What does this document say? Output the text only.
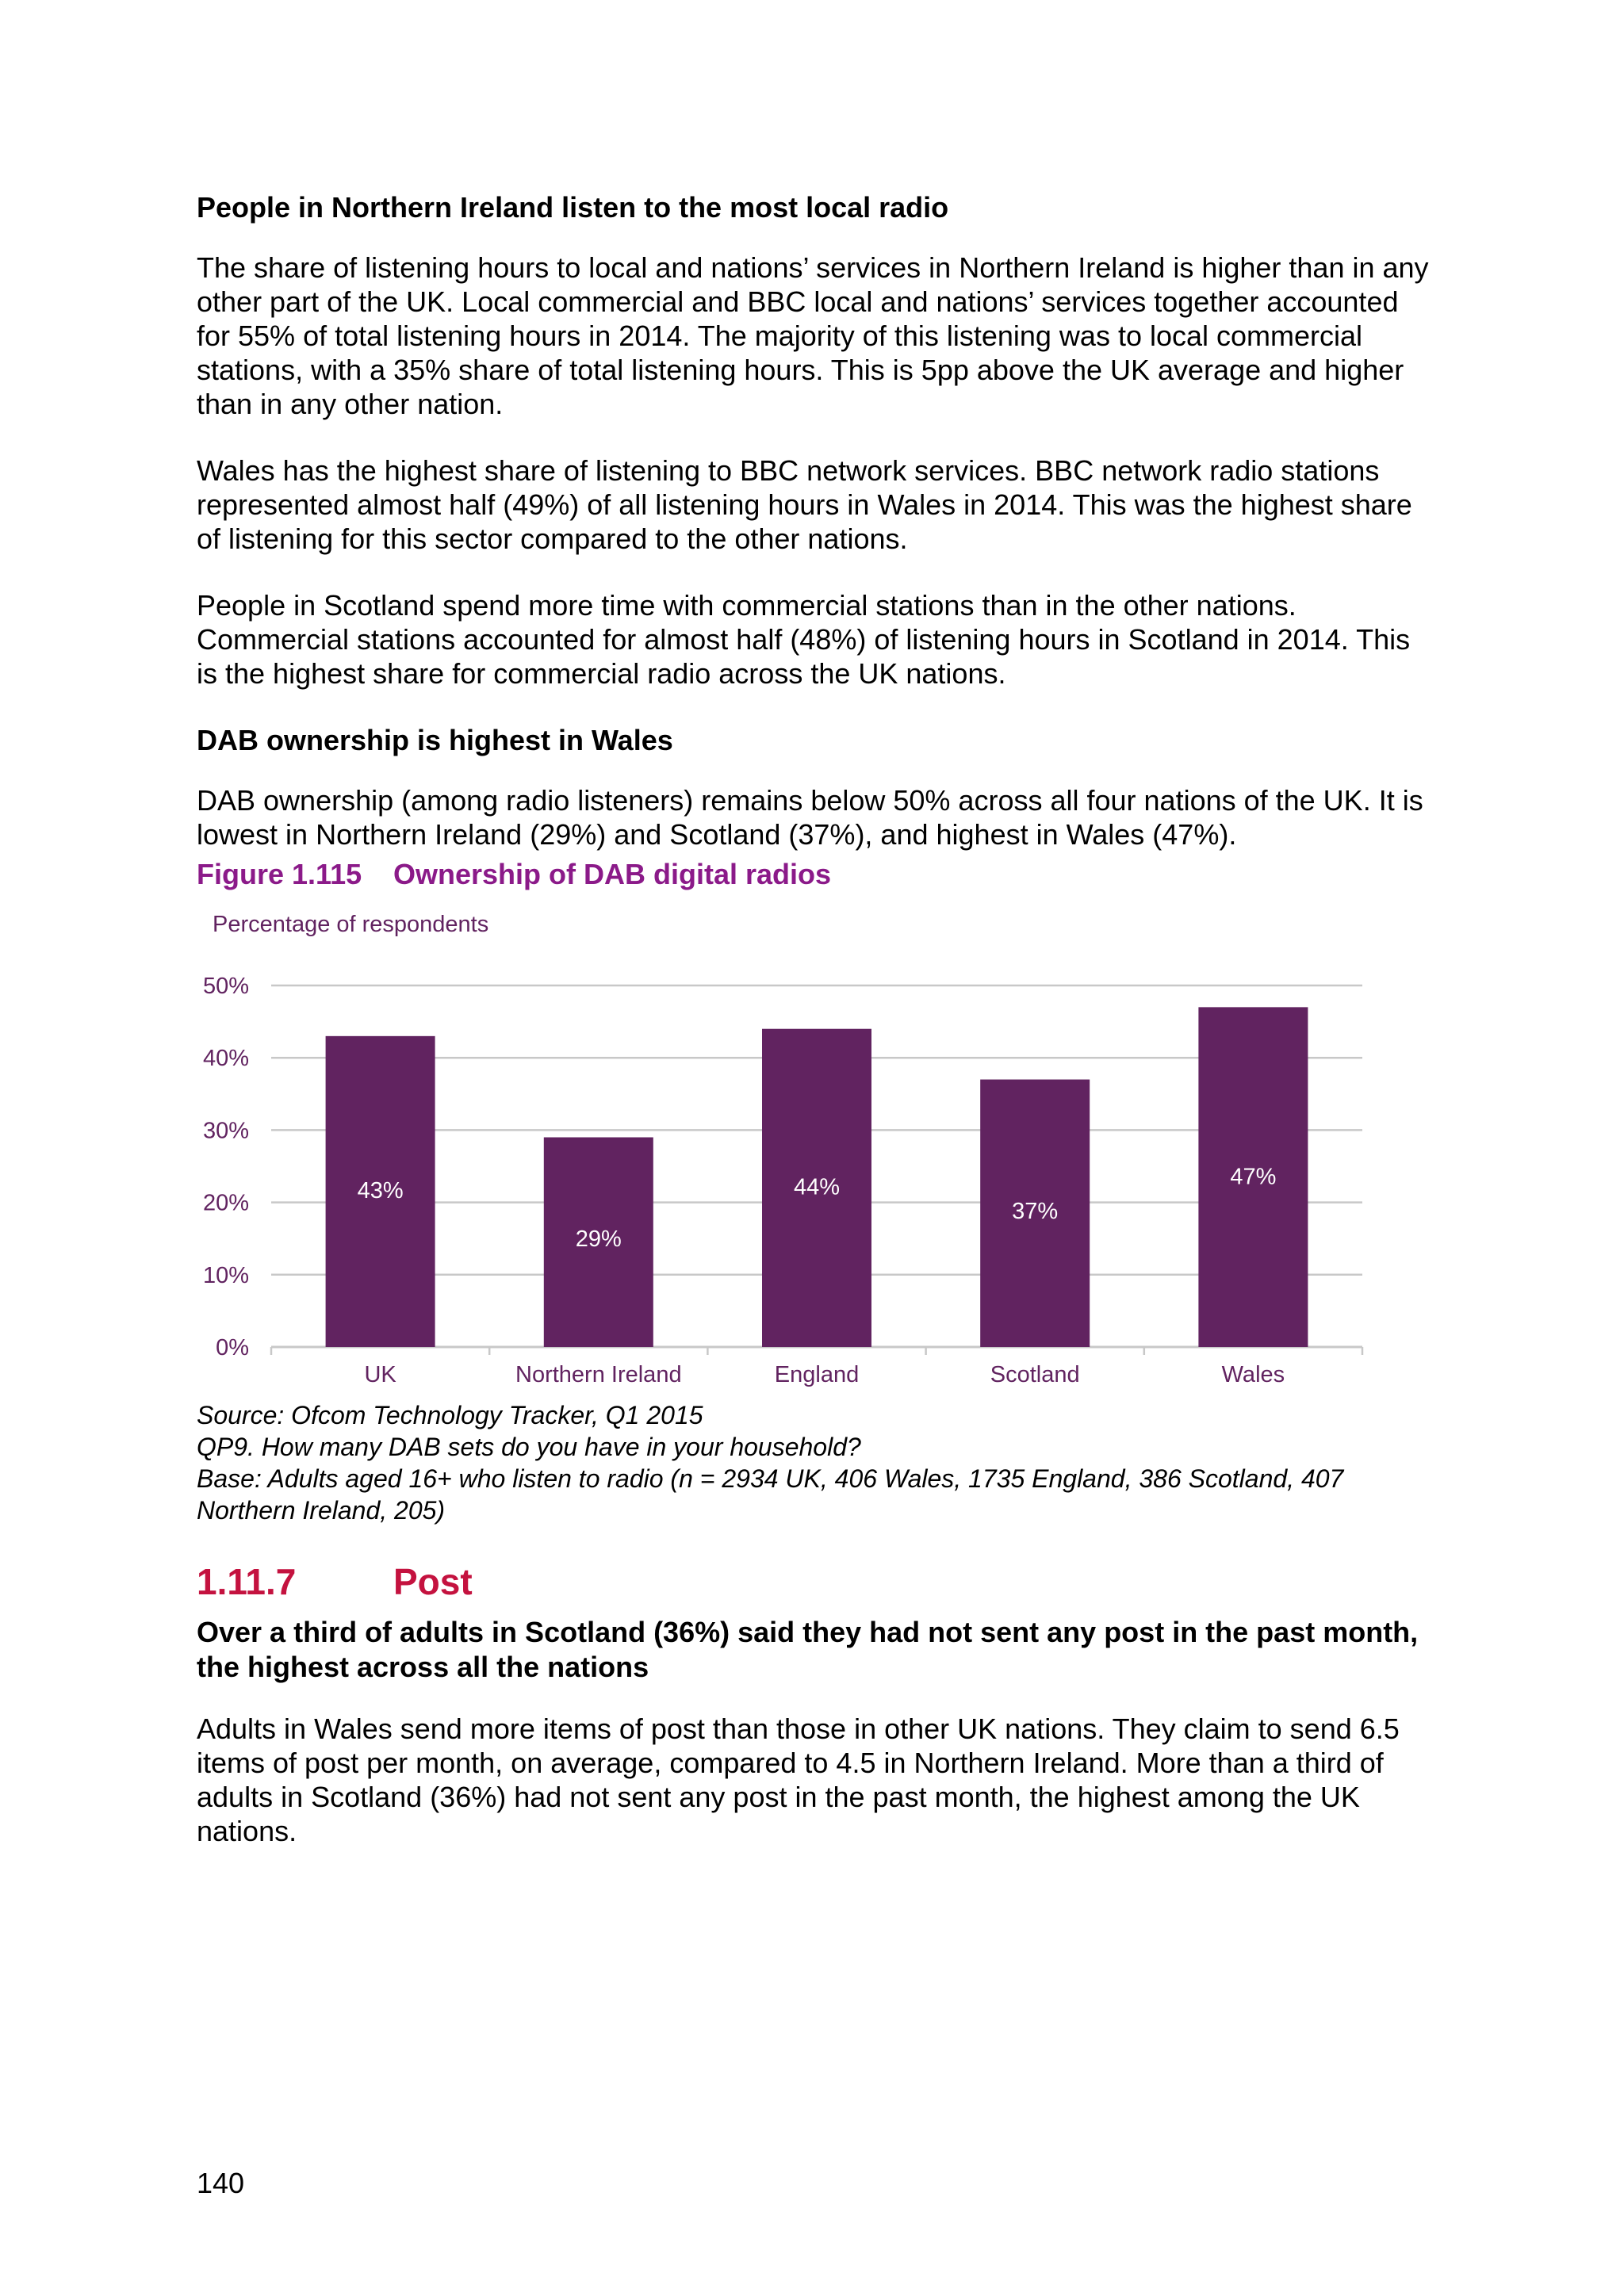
People in Northern Ireland listen to the most local radio

The share of listening hours to local and nations’ services in Northern Ireland is higher than in any other part of the UK. Local commercial and BBC local and nations’ services together accounted for 55% of total listening hours in 2014. The majority of this listening was to local commercial stations, with a 35% share of total listening hours. This is 5pp above the UK average and higher than in any other nation.

Wales has the highest share of listening to BBC network services. BBC network radio stations represented almost half (49%) of all listening hours in Wales in 2014. This was the highest share of listening for this sector compared to the other nations.

People in Scotland spend more time with commercial stations than in the other nations. Commercial stations accounted for almost half (48%) of listening hours in Scotland in 2014. This is the highest share for commercial radio across the UK nations.

DAB ownership is highest in Wales

DAB ownership (among radio listeners) remains below 50% across all four nations of the UK. It is lowest in Northern Ireland (29%) and Scotland (37%), and highest in Wales (47%).

Figure 1.115 Ownership of DAB digital radios

Percentage of respondents
0%
10%
20%
30%
40%
50%
43%
UK
29%
Northern Ireland
44%
England
37%
Scotland
47%
Wales

Source: Ofcom Technology Tracker, Q1 2015

QP9. How many DAB sets do you have in your household?

Base: Adults aged 16+ who listen to radio (n = 2934 UK, 406 Wales, 1735 England, 386 Scotland, 407 Northern Ireland, 205)

1.11.7	Post

Over a third of adults in Scotland (36%) said they had not sent any post in the past month, the highest across all the nations

Adults in Wales send more items of post than those in other UK nations. They claim to send 6.5 items of post per month, on average, compared to 4.5 in Northern Ireland. More than a third of adults in Scotland (36%) had not sent any post in the past month, the highest among the UK nations.

140
